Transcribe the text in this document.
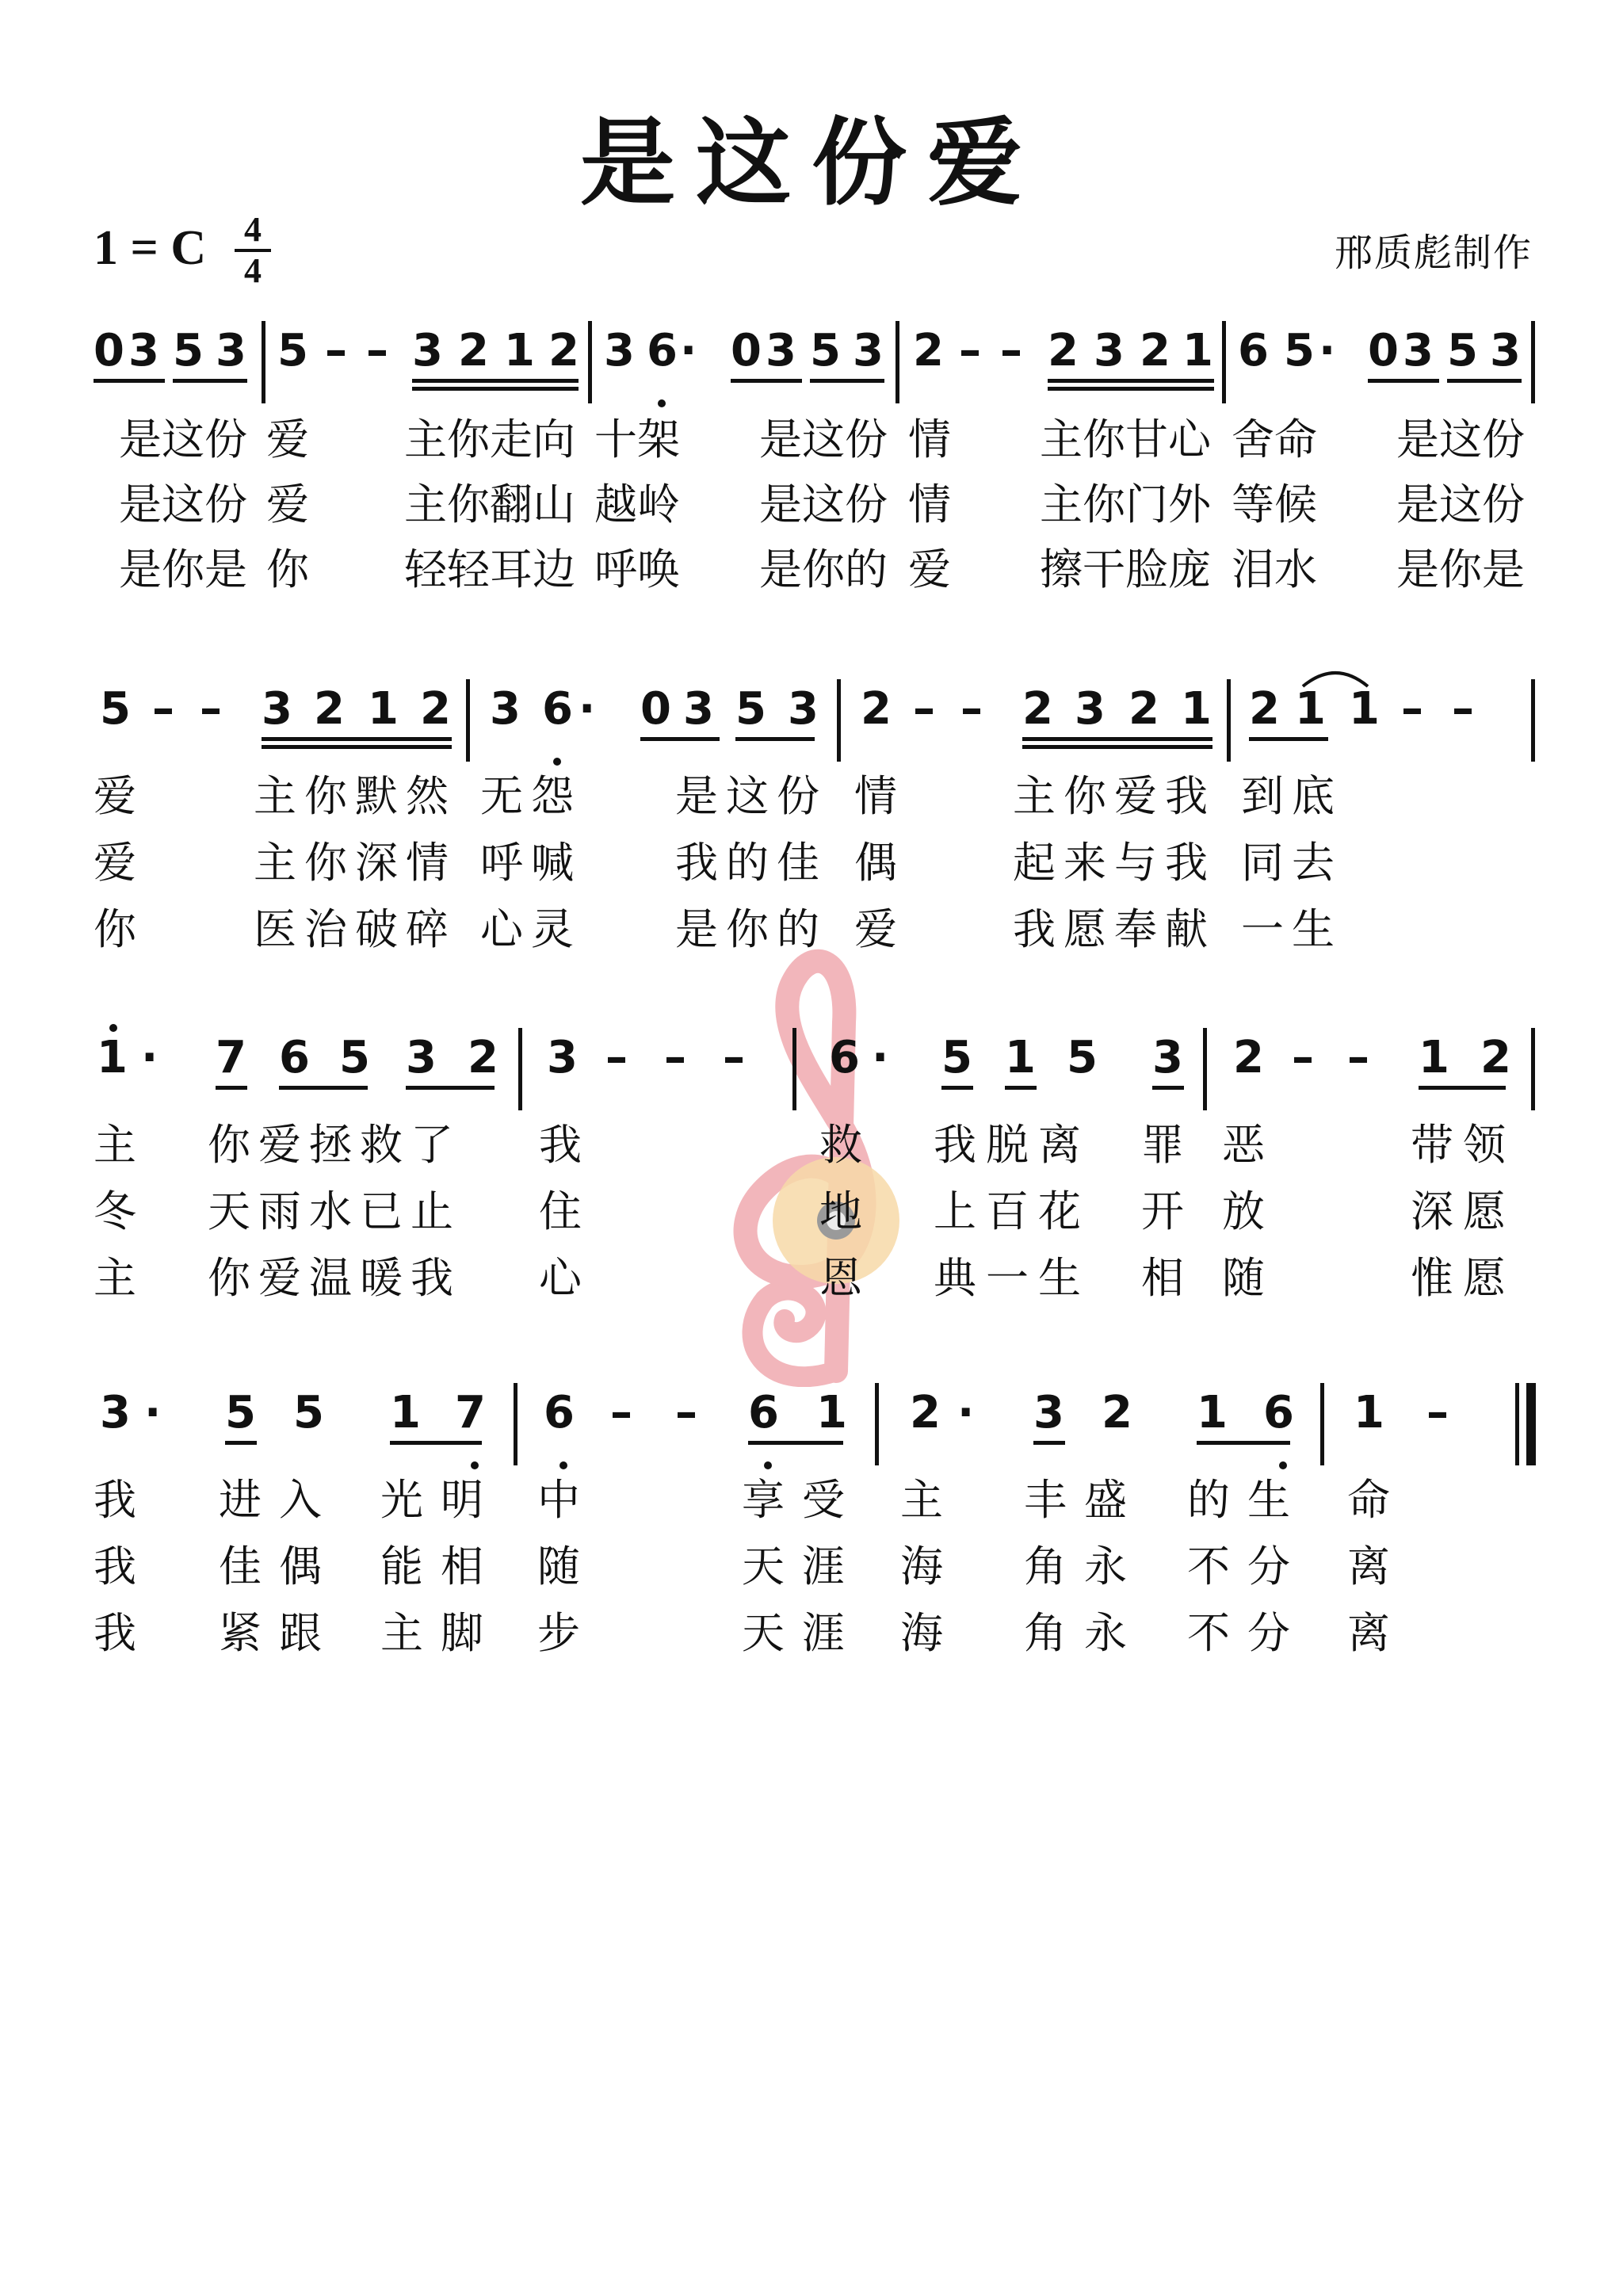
是这份爱
1 = C 4
4	邢质彪制作
0 3 5 3 5 – – 3 2 1 2 3 6 · 0 3 5 3 2 – – 2 3 2 1 6 5 · 0 3 5 3
是这份 爱 主你走向 十架 是这份 情 主你甘心 舍命 是这份
是这份 爱 主你翻山 越岭 是这份 情 主你门外 等候 是这份
是你是 你 轻轻耳边 呼唤 是你的 爱 擦干脸庞 泪水 是你是
5 – – 3 2 1 2 3 6 · 0 3 5 3 2 – – 2 3 2 1 2 1 1 – –
爱	主你默然 无怨 是这份 情	主你爱我 到底
爱	主你深情 呼喊 我的佳 偶	起来与我 同去
你	医治破碎 心灵 是你的 爱	我愿奉献 一生
1 · 7 6 5 3 2 3 – – – 6 · 5 1 5 3 2 – – 1 2
主 你爱拯救了 我	救 我脱离 罪 恶	带领
冬 天雨水已止 住	地 上百花 开 放	深愿
主 你爱温暖我 心	恩 典一生 相 随	惟愿
3 · 5 5 1 7 6 – – 6 1 2 · 3 2 1 6 1 –
我 进入 光明 中	享受 主 丰盛 的生 命
我 佳偶 能相 随	天涯 海 角永 不分 离
我 紧跟 主脚 步	天涯 海 角永 不分 离
